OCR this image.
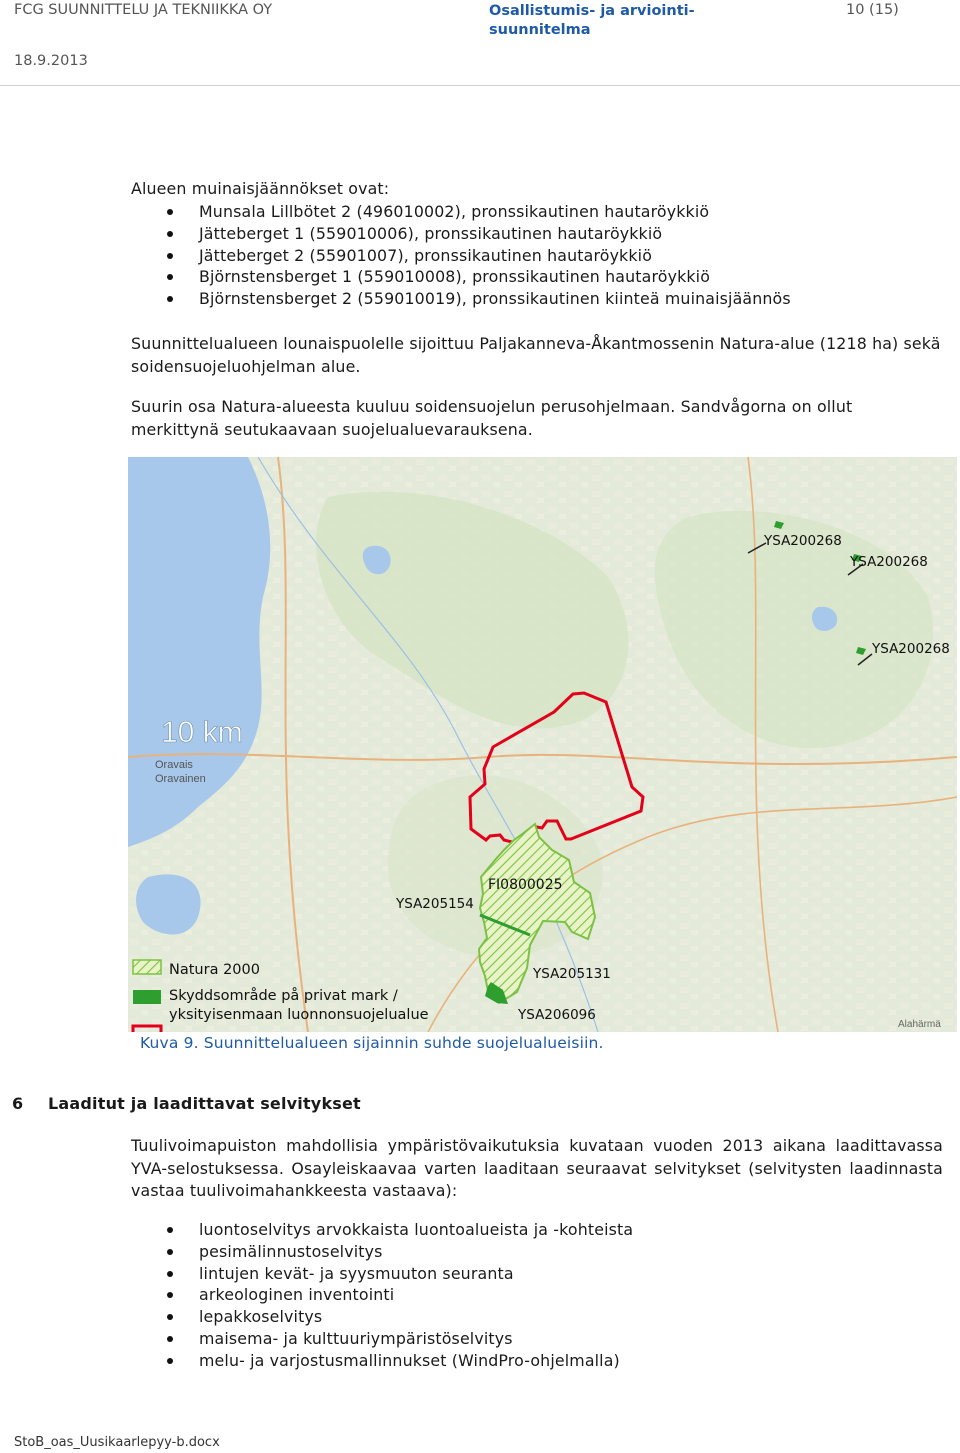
FCG SUUNNITTELU JA TEKNIIKKA OY	Osallistumis- ja arviointi-
suunnitelma
10 (15)
18.9.2013
Alueen muinaisjäännökset ovat:
Munsala Lillbötet 2 (496010002), pronssikautinen hautaröykkiö
Jätteberget 1 (559010006), pronssikautinen hautaröykkiö
Jätteberget 2 (55901007), pronssikautinen hautaröykkiö
Björnstensberget 1 (559010008), pronssikautinen hautaröykkiö
Björnstensberget 2 (559010019), pronssikautinen kiinteä muinaisjäännös
Suunnittelualueen lounaispuolelle sijoittuu Paljakanneva-Åkantmossenin Natura-alue (1218 ha) sekä soidensuojeluohjelman alue.
Suurin osa Natura-alueesta kuuluu soidensuojelun perusohjelmaan. Sandvågorna on ollut merkittynä seutukaavaan suojelualuevarauksena.
10 km
Oravais
Oravainen
Alahärmä
YSA200268
YSA200268
YSA200268
FI0800025
YSA205154
YSA205131
YSA206096
Natura 2000
Skyddsområde på privat mark /
yksityisenmaan luonnonsuojelualue
Kuva 9. Suunnittelualueen sijainnin suhde suojelualueisiin.
6 Laaditut ja laadittavat selvitykset
Tuulivoimapuiston mahdollisia ympäristövaikutuksia kuvataan vuoden 2013 aikana laadittavassa YVA-selostuksessa. Osayleiskaavaa varten laaditaan seuraavat selvitykset (selvitysten laadinnasta vastaa tuulivoimahankkeesta vastaava):
luontoselvitys arvokkaista luontoalueista ja -kohteista
pesimälinnustoselvitys
lintujen kevät- ja syysmuuton seuranta
arkeologinen inventointi
lepakkoselvitys
maisema- ja kulttuuriympäristöselvitys
melu- ja varjostusmallinnukset (WindPro-ohjelmalla)
StoB_oas_Uusikaarlepyy-b.docx
